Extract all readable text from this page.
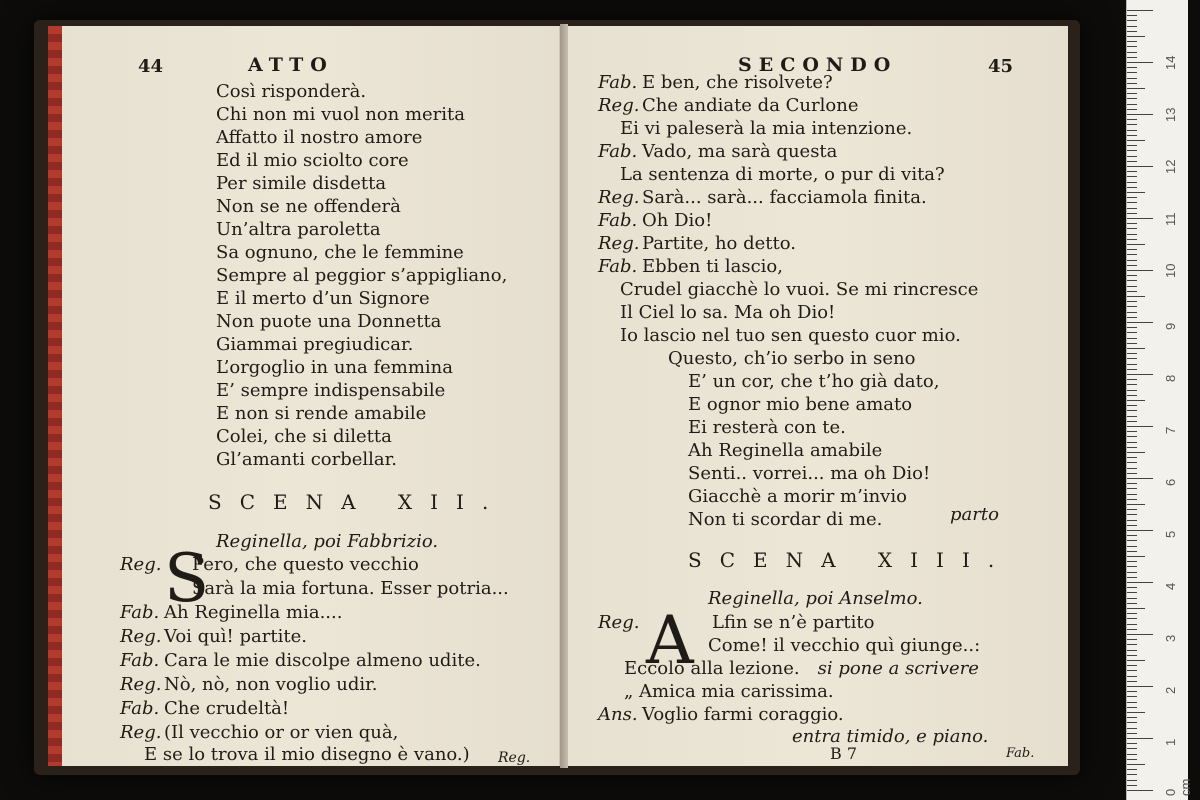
44	ATTO
Così risponderà.
Chi non mi vuol non merita
Affatto il nostro amore
Ed il mio sciolto core
Per simile disdetta
Non se ne offenderà
Un’altra paroletta
Sa ognuno, che le femmine
Sempre al peggior s’appigliano,
E il merto d’un Signore
Non puote una Donnetta
Giammai pregiudicar.
L’orgoglio in una femmina
E’ sempre indispensabile
E non si rende amabile
Colei, che si diletta
Gl’amanti corbellar.
SCENA XII.
Reginella, poi Fabbrizio.
S
Reg. Pero, che questo vecchio
Sarà la mia fortuna. Esser potria...
Fab. Ah Reginella mia....
Reg. Voi quì! partite.
Fab. Cara le mie discolpe almeno udite.
Reg. Nò, nò, non voglio udir.
Fab. Che crudeltà!
Reg. (Il vecchio or or vien quà,
E se lo trova il mio disegno è vano.) Reg.
SECONDO	45
Fab. E ben, che risolvete?
Reg. Che andiate da Curlone
Ei vi paleserà la mia intenzione.
Fab. Vado, ma sarà questa
La sentenza di morte, o pur di vita?
Reg. Sarà... sarà... facciamola finita.
Fab. Oh Dio!
Reg. Partite, ho detto.
Fab. Ebben ti lascio,
Crudel giacchè lo vuoi. Se mi rincresce
Il Ciel lo sa. Ma oh Dio!
Io lascio nel tuo sen questo cuor mio.
Questo, ch’io serbo in seno
E’ un cor, che t’ho già dato,
E ognor mio bene amato
Ei resterà con te.
Ah Reginella amabile
Senti.. vorrei... ma oh Dio!
Giacchè a morir m’invio
Non ti scordar di me.	parto
SCENA XIII.
Reginella, poi Anselmo.
A
Reg.	Lfin se n’è partito
Come! il vecchio quì giunge..:
Eccolo alla lezione. si pone a scrivere
„ Amica mia carissima.
Ans. Voglio farmi coraggio.
entra timido, e piano.
B 7	Fab.
1
2
3
4
5
6
7
8
9
10
11
12
13
14
0 cm
